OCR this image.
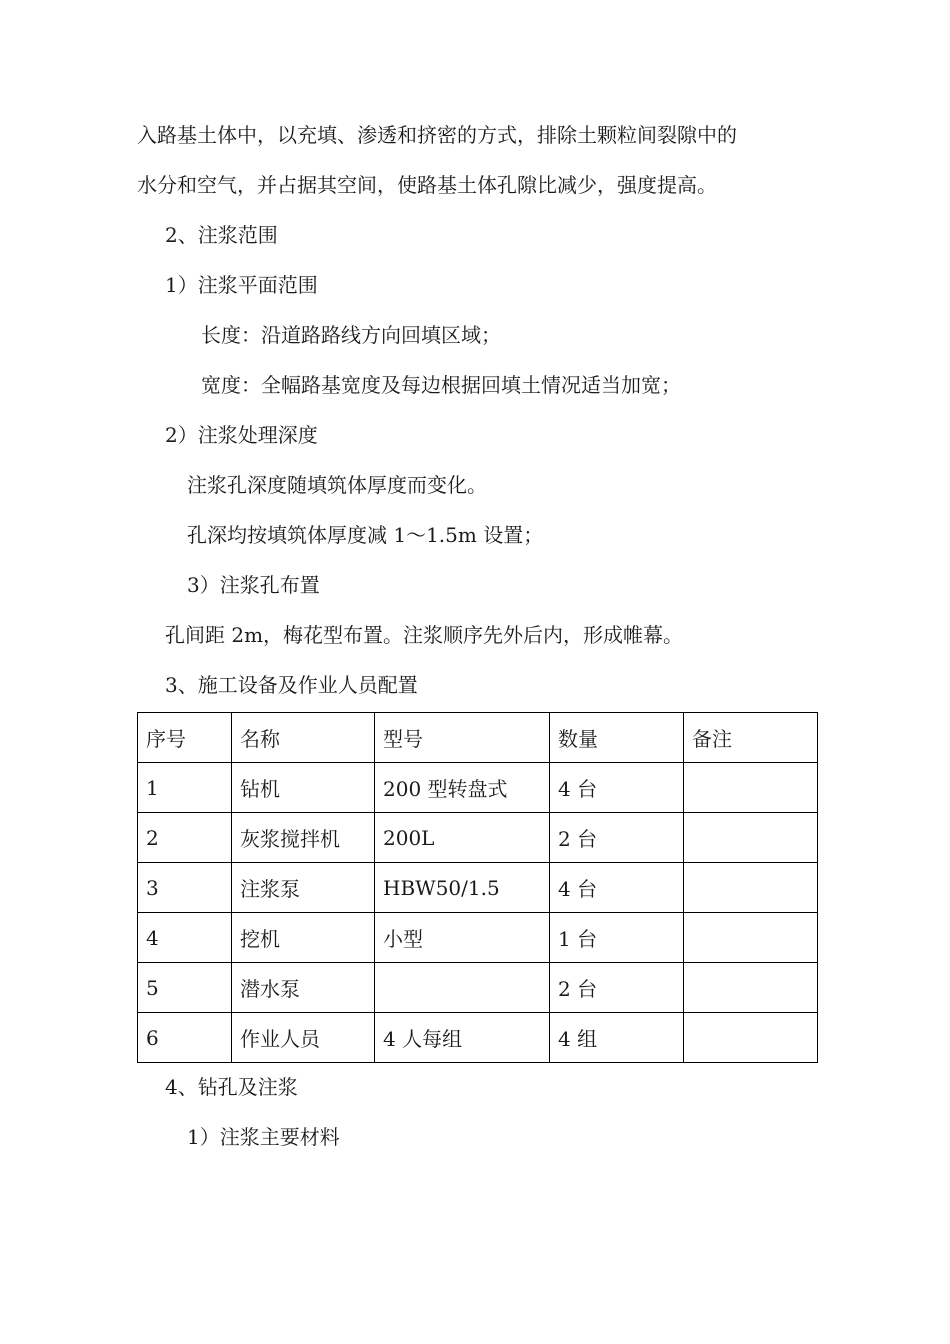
入路基土体中，以充填、渗透和挤密的方式，排除土颗粒间裂隙中的
水分和空气，并占据其空间，使路基土体孔隙比减少，强度提高。
2、注浆范围
1）注浆平面范围
长度：沿道路路线方向回填区域；
宽度：全幅路基宽度及每边根据回填土情况适当加宽；
2）注浆处理深度
注浆孔深度随填筑体厚度而变化。
孔深均按填筑体厚度减 1～1.5m 设置；
3）注浆孔布置
孔间距 2m，梅花型布置。注浆顺序先外后内，形成帷幕。
3、施工设备及作业人员配置
序号	名称	型号	数量	备注
1	钻机	200 型转盘式	4 台	
2	灰浆搅拌机	200L	2 台	
3	注浆泵	HBW50/1.5	4 台	
4	挖机	小型	1 台	
5	潜水泵		2 台	
6	作业人员	4 人每组	4 组	
4、钻孔及注浆
1）注浆主要材料
